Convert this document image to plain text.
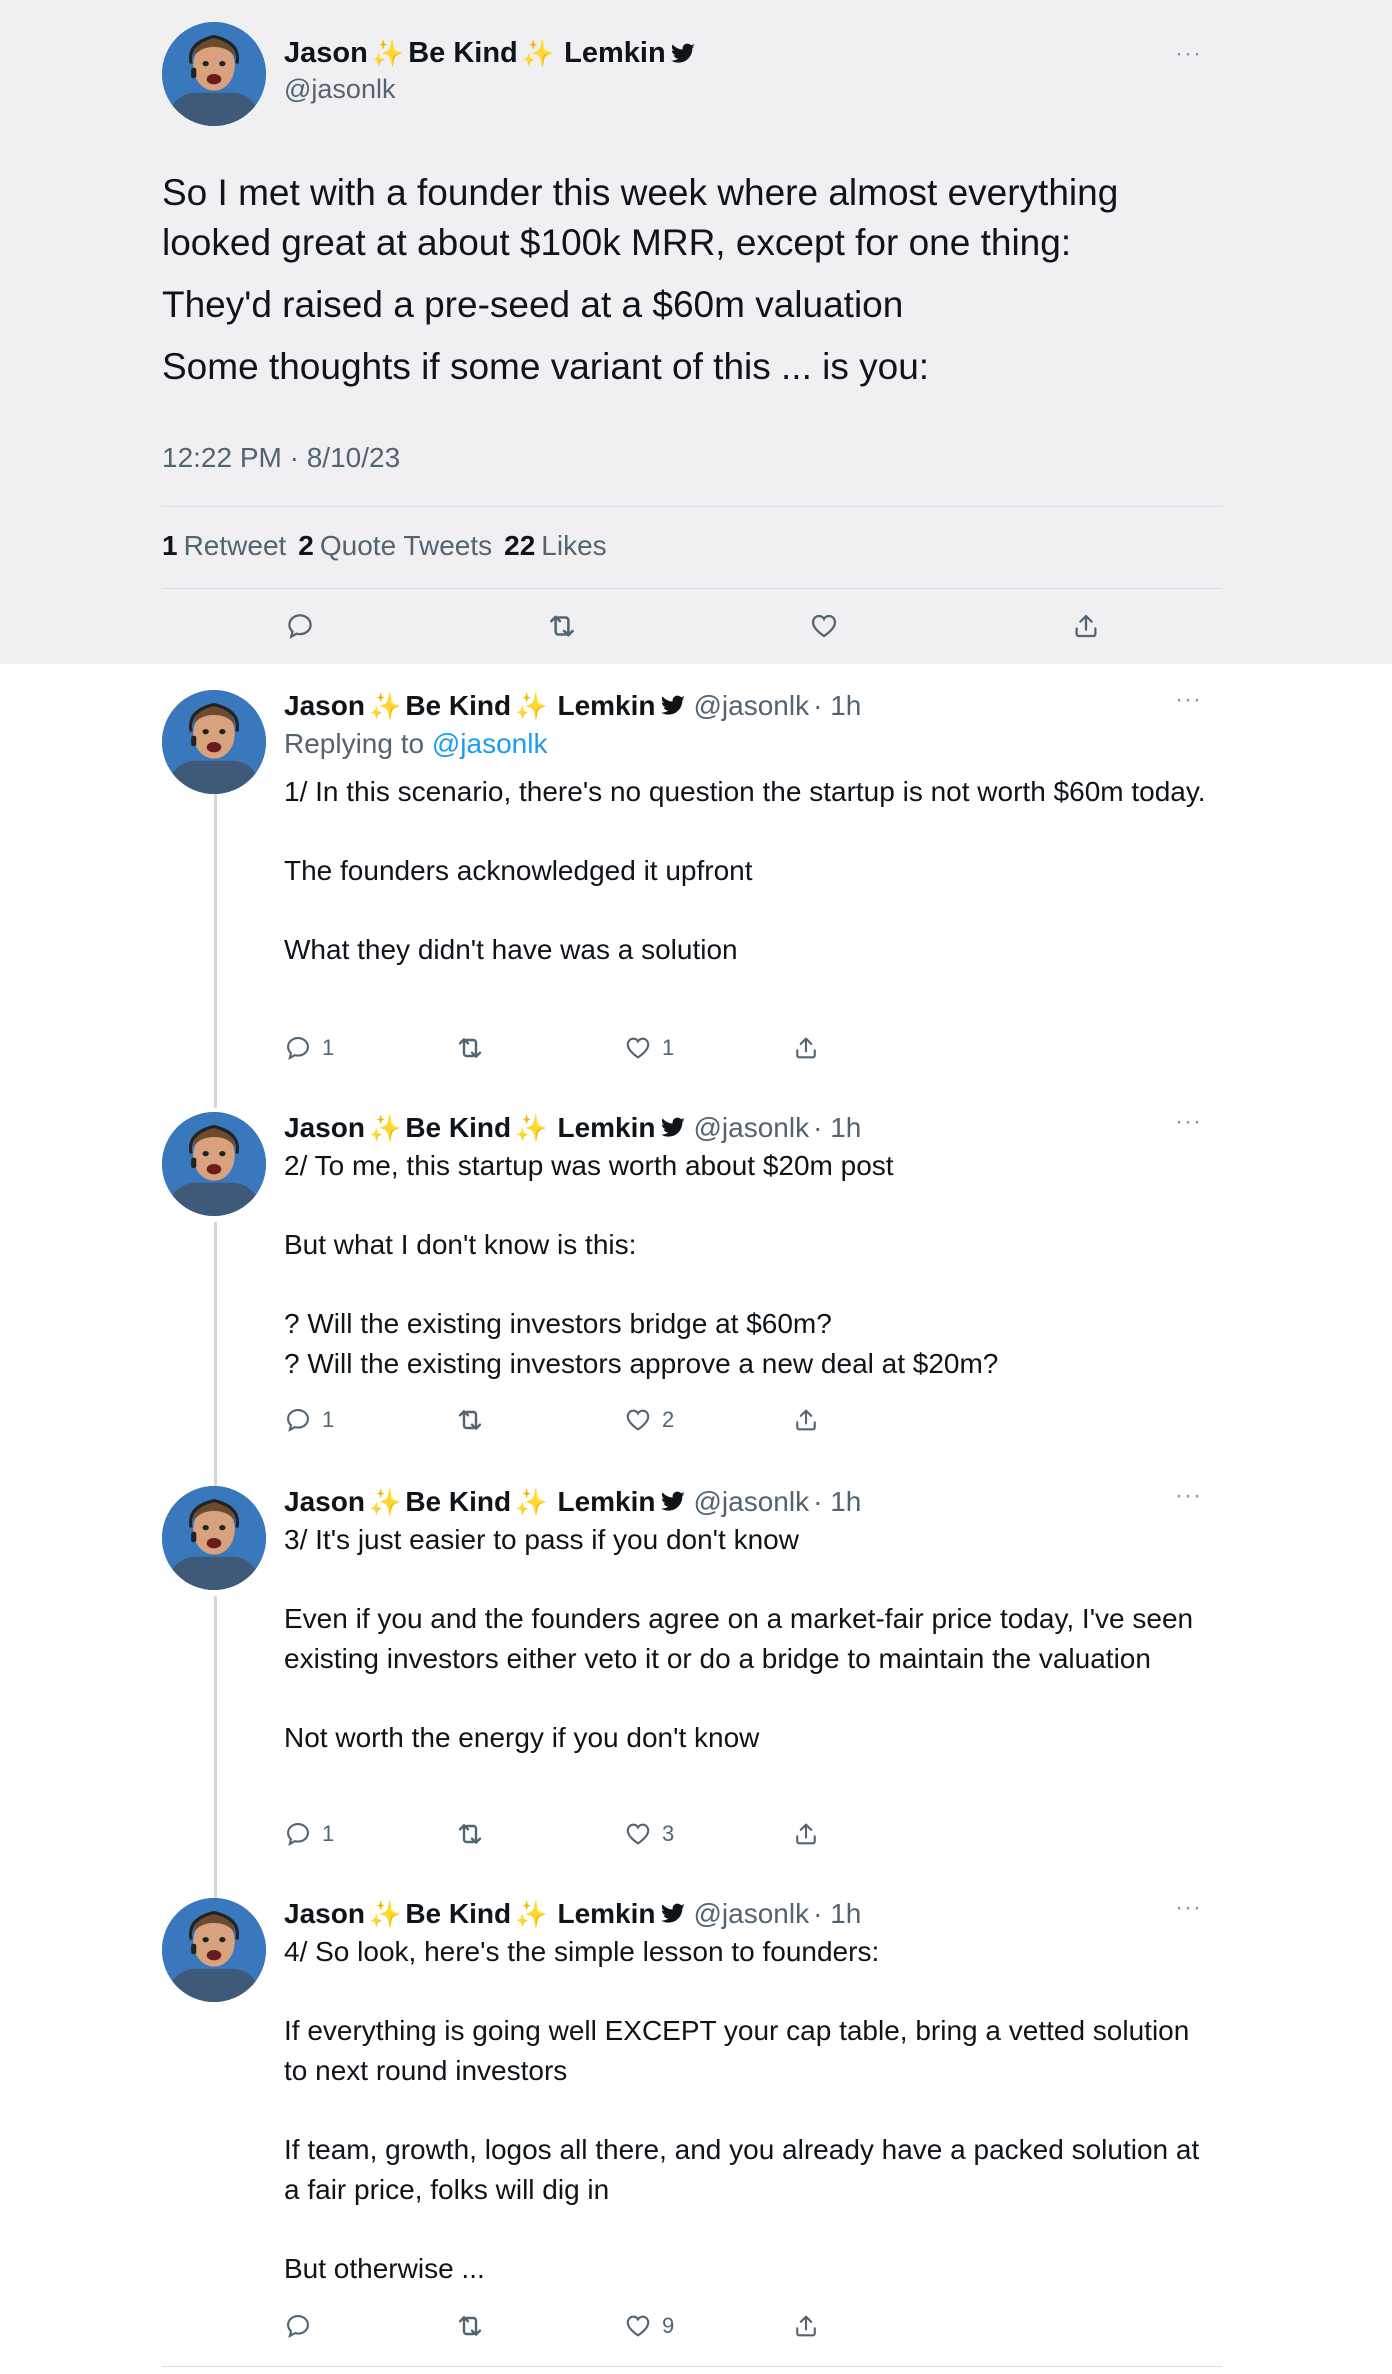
Jason ✨ Be Kind ✨ Lemkin
@jasonlk
···

So I met with a founder this week where almost everything looked great at about $100k MRR, except for one thing:

They'd raised a pre-seed at a $60m valuation

Some thoughts if some variant of this ... is you:

12:22 PM · 8/10/23
1 Retweet 2 Quote Tweets 22 Likes
Jason ✨ Be Kind ✨ Lemkin @jasonlk · 1h	···
Replying to @jasonlk

1/ In this scenario, there's no question the startup is not worth $60m today.

The founders acknowledged it upfront

What they didn't have was a solution

1	1
Jason ✨ Be Kind ✨ Lemkin @jasonlk · 1h	···

2/ To me, this startup was worth about $20m post

But what I don't know is this:

? Will the existing investors bridge at $60m?

? Will the existing investors approve a new deal at $20m?

1	2
Jason ✨ Be Kind ✨ Lemkin @jasonlk · 1h	···

3/ It's just easier to pass if you don't know

Even if you and the founders agree on a market-fair price today, I've seen existing investors either veto it or do a bridge to maintain the valuation

Not worth the energy if you don't know

1	3
Jason ✨ Be Kind ✨ Lemkin @jasonlk · 1h	···

4/ So look, here's the simple lesson to founders:

If everything is going well EXCEPT your cap table, bring a vetted solution to next round investors

If team, growth, logos all there, and you already have a packed solution at a fair price, folks will dig in

But otherwise ...

9
